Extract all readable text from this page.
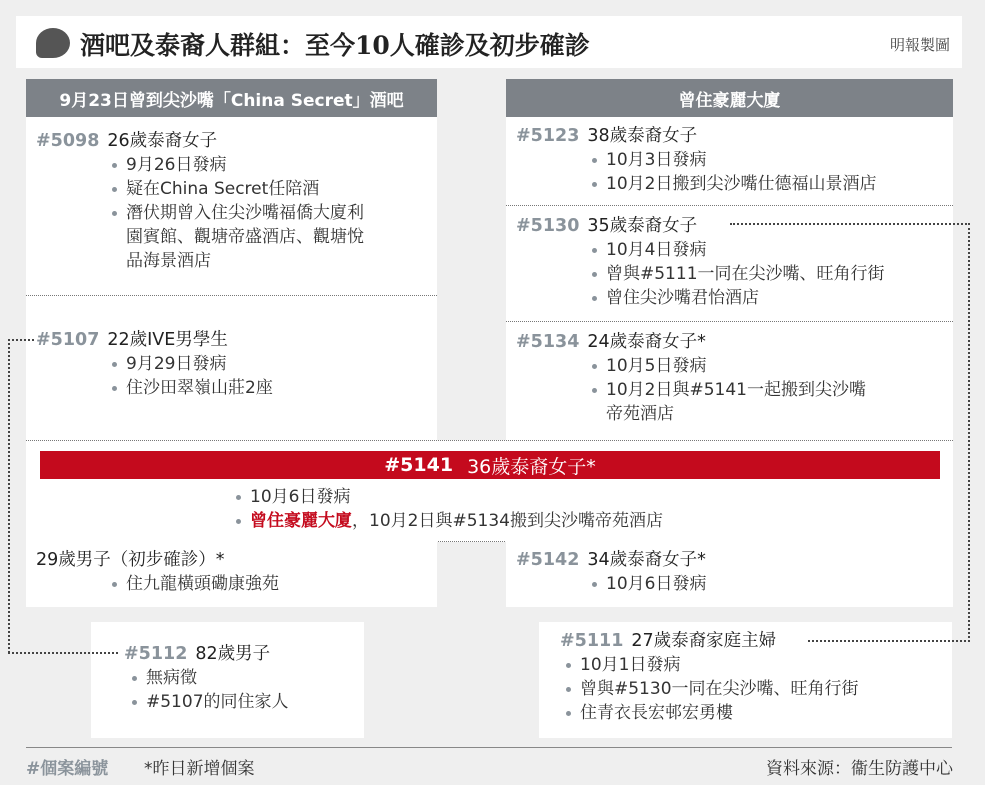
酒吧及泰裔人群組：至今10人確診及初步確診	明報製圖
9月23日曾到尖沙嘴「China Secret」酒吧
#5098 26歲泰裔女子
9月26日發病
疑在China Secret任陪酒
潛伏期曾入住尖沙嘴福僑大廈利
園賓館、觀塘帝盛酒店、觀塘悅
品海景酒店
#5107 22歲IVE男學生
9月29日發病
住沙田翠嶺山莊2座
曾住豪麗大廈
#5123 38歲泰裔女子
10月3日發病
10月2日搬到尖沙嘴仕德福山景酒店
#5130 35歲泰裔女子
10月4日發病
曾與#5111一同在尖沙嘴、旺角行街
曾住尖沙嘴君怡酒店
#5134 24歲泰裔女子*
10月5日發病
10月2日與#5141一起搬到尖沙嘴
帝苑酒店
#5141 36歲泰裔女子*
10月6日發病
曾住豪麗大廈，10月2日與#5134搬到尖沙嘴帝苑酒店
29歲男子（初步確診）*
住九龍橫頭磡康強苑
#5142 34歲泰裔女子*
10月6日發病
#5112 82歲男子
無病徵
#5107的同住家人
#5111 27歲泰裔家庭主婦
10月1日發病
曾與#5130一同在尖沙嘴、旺角行街
住青衣長宏邨宏勇樓
#個案編號 *昨日新增個案	資料來源：衞生防護中心
